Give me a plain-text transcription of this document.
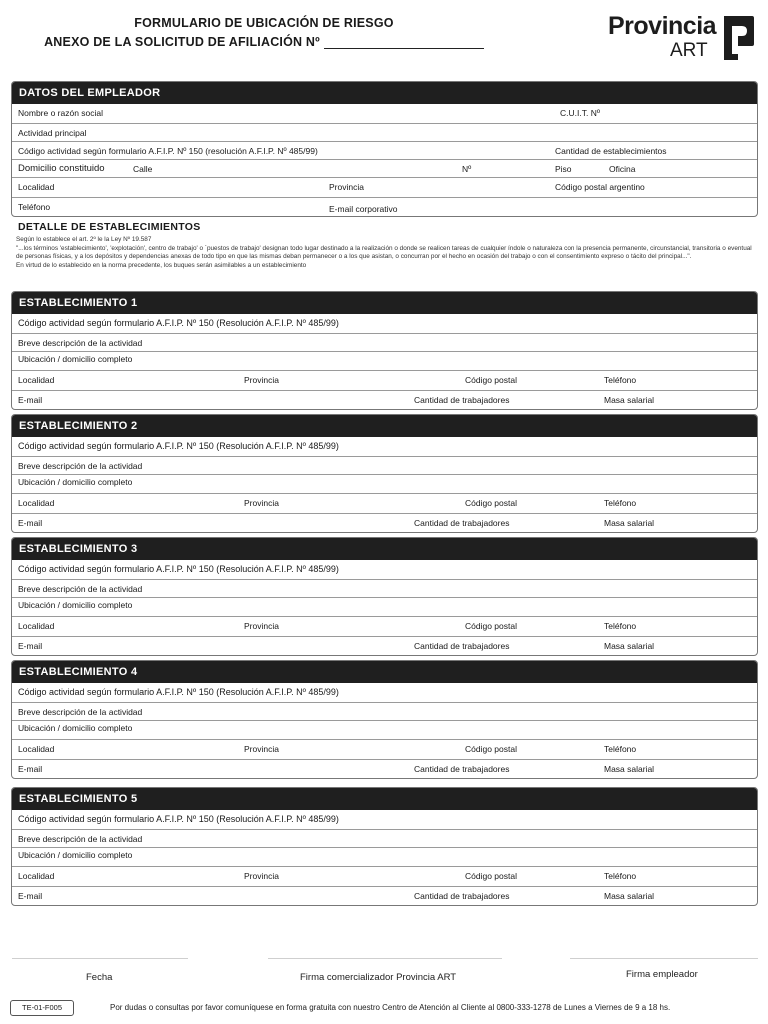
FORMULARIO DE UBICACIÓN DE RIESGO
ANEXO DE LA SOLICITUD DE AFILIACIÓN Nº
Provincia
ART
DATOS DEL EMPLEADOR
Nombre o razón social	C.U.I.T. Nº
Actividad principal
Código actividad según formulario A.F.I.P. Nº 150 (resolución A.F.I.P. Nº 485/99)	Cantidad de establecimientos
Domicilio constituido	Calle	Nº	Piso	Oficina
Localidad	Provincia	Código postal argentino
Teléfono	E-mail corporativo
DETALLE DE ESTABLECIMIENTOS
Según lo establece el art. 2º le la Ley Nº 19.587
"...los términos 'establecimiento', 'explotación', centro de trabajo' o ´puestos de trabajo' designan todo lugar destinado a la realización o donde se realicen tareas de cualquier índole o naturaleza con la presencia permanente, circunstancial, transitoria o eventual de personas físicas, y a los depósitos y dependencias anexas de todo tipo en que las mismas deban permanecer o a los que asistan, o concurran por el hecho en ocasión del trabajo o con el consentimiento expreso o tácito del principal...".
En virtud de lo establecido en la norma precedente, los buques serán asimilables a un establecimiento
ESTABLECIMIENTO 1
Código actividad según formulario A.F.I.P. Nº 150 (Resolución A.F.I.P. Nº 485/99)
Breve descripción de la actividad
Ubicación / domicilio completo
Localidad	Provincia	Código postal	Teléfono
E-mail	Cantidad de trabajadores	Masa salarial
ESTABLECIMIENTO 2
Código actividad según formulario A.F.I.P. Nº 150 (Resolución A.F.I.P. Nº 485/99)
Breve descripción de la actividad
Ubicación / domicilio completo
Localidad	Provincia	Código postal	Teléfono
E-mail	Cantidad de trabajadores	Masa salarial
ESTABLECIMIENTO 3
Código actividad según formulario A.F.I.P. Nº 150 (Resolución A.F.I.P. Nº 485/99)
Breve descripción de la actividad
Ubicación / domicilio completo
Localidad	Provincia	Código postal	Teléfono
E-mail	Cantidad de trabajadores	Masa salarial
ESTABLECIMIENTO 4
Código actividad según formulario A.F.I.P. Nº 150 (Resolución A.F.I.P. Nº 485/99)
Breve descripción de la actividad
Ubicación / domicilio completo
Localidad	Provincia	Código postal	Teléfono
E-mail	Cantidad de trabajadores	Masa salarial
ESTABLECIMIENTO 5
Código actividad según formulario A.F.I.P. Nº 150 (Resolución A.F.I.P. Nº 485/99)
Breve descripción de la actividad
Ubicación / domicilio completo
Localidad	Provincia	Código postal	Teléfono
E-mail	Cantidad de trabajadores	Masa salarial
Fecha	Firma comercializador Provincia ART	Firma empleador
TE-01-F005	Por dudas o consultas por favor comuníquese en forma gratuita con nuestro Centro de Atención al Cliente al 0800-333-1278 de Lunes a Viernes de 9 a 18 hs.
